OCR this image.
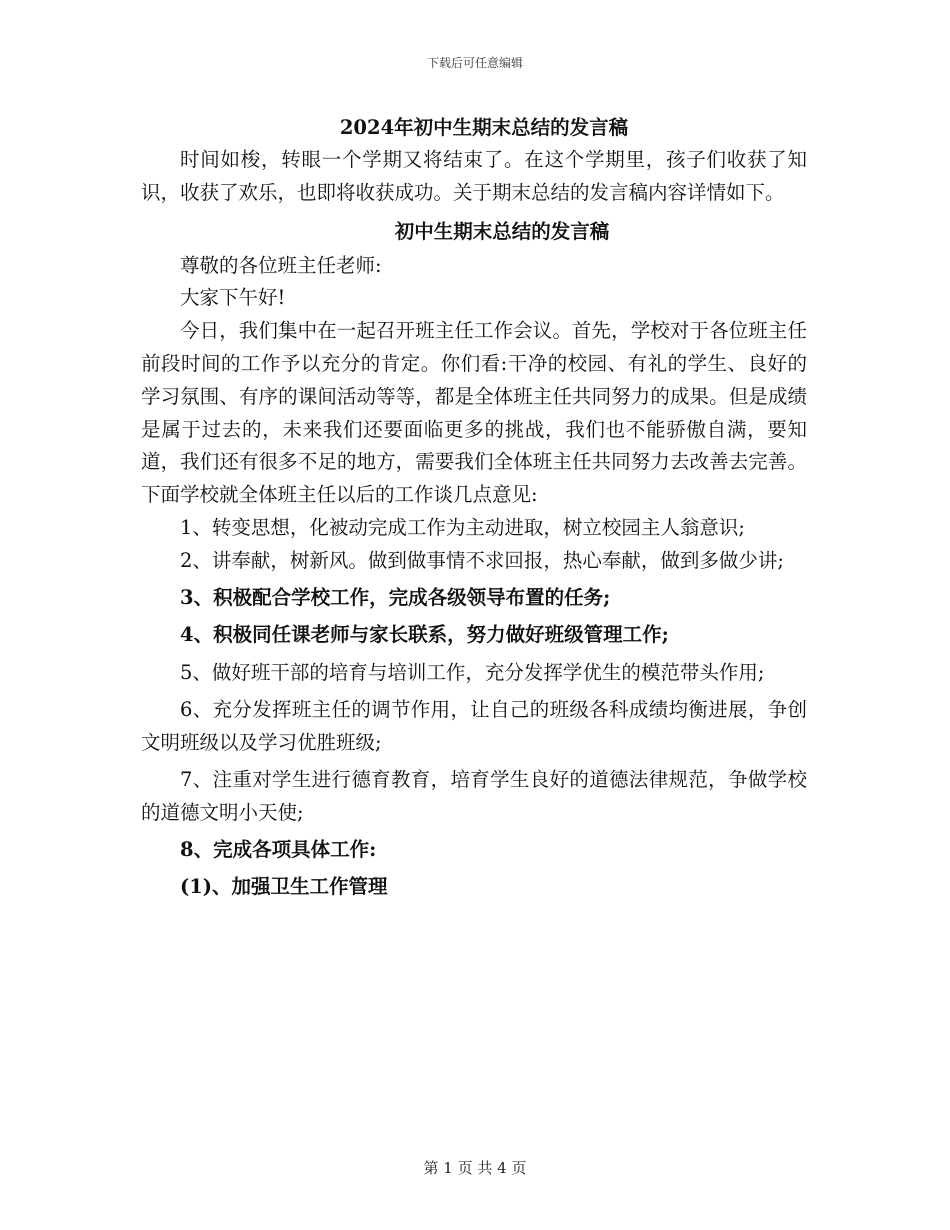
下载后可任意编辑

2024年初中生期末总结的发言稿

时间如梭，转眼一个学期又将结束了。在这个学期里，孩子们收获了知识，收获了欢乐，也即将收获成功。关于期末总结的发言稿内容详情如下。

初中生期末总结的发言稿

尊敬的各位班主任老师:

大家下午好!

今日，我们集中在一起召开班主任工作会议。首先，学校对于各位班主任前段时间的工作予以充分的肯定。你们看:干净的校园、有礼的学生、良好的学习氛围、有序的课间活动等等，都是全体班主任共同努力的成果。但是成绩是属于过去的，未来我们还要面临更多的挑战，我们也不能骄傲自满，要知道，我们还有很多不足的地方，需要我们全体班主任共同努力去改善去完善。下面学校就全体班主任以后的工作谈几点意见:

1、转变思想，化被动完成工作为主动进取，树立校园主人翁意识;

2、讲奉献，树新风。做到做事情不求回报，热心奉献，做到多做少讲;

3、积极配合学校工作，完成各级领导布置的任务;

4、积极同任课老师与家长联系，努力做好班级管理工作;

5、做好班干部的培育与培训工作，充分发挥学优生的模范带头作用;

6、充分发挥班主任的调节作用，让自己的班级各科成绩均衡进展，争创文明班级以及学习优胜班级;

7、注重对学生进行德育教育，培育学生良好的道德法律规范，争做学校的道德文明小天使;

8、完成各项具体工作:

(1)、加强卫生工作管理

第 1 页 共 4 页
